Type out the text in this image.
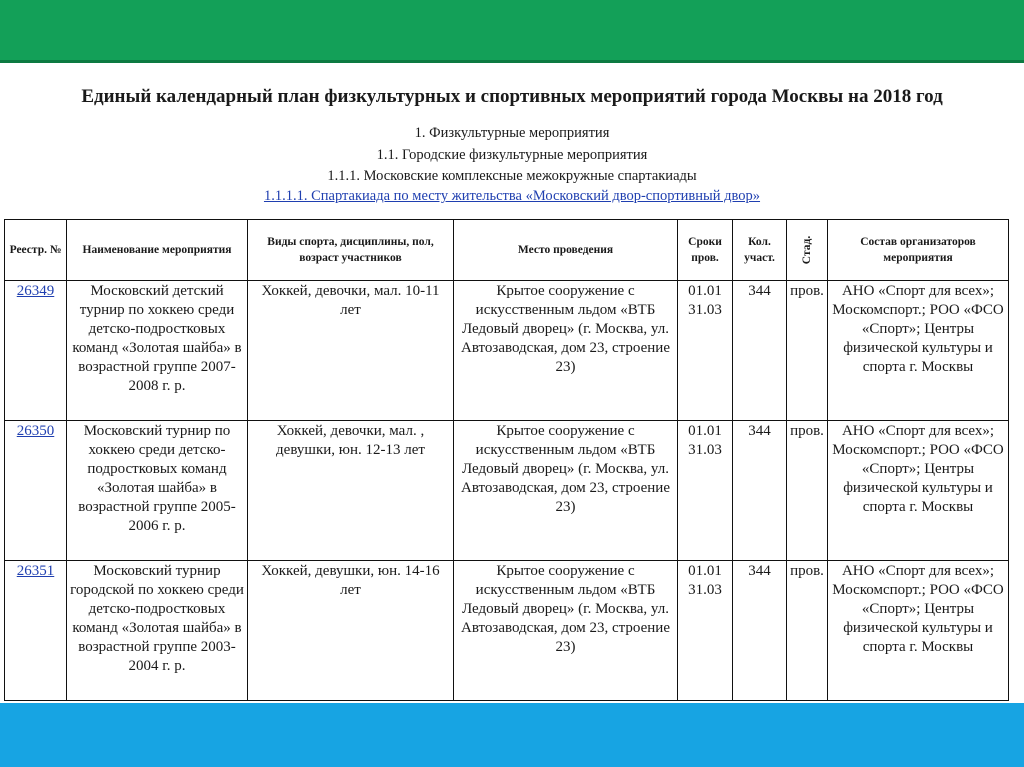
Единый календарный план физкультурных и спортивных мероприятий города Москвы на 2018 год
1. Физкультурные мероприятия
1.1. Городские физкультурные мероприятия
1.1.1. Московские комплексные межокружные спартакиады
1.1.1.1. Спартакиада по месту жительства «Московский двор-спортивный двор»
Реестр. №	Наименование мероприятия	Виды спорта, дисциплины, пол, возраст участников	Место проведения	Сроки пров.	Кол. участ.	Стад.	Состав организаторов мероприятия
26349	Московский детский турнир по хоккею среди детско-подростковых команд «Золотая шайба» в возрастной группе 2007-2008 г. р.	Хоккей, девочки, мал. 10-11 лет	Крытое сооружение с искусственным льдом «ВТБ Ледовый дворец» (г. Москва, ул. Автозаводская, дом 23, строение 23)	01.01
31.03	344	пров.	АНО «Спорт для всех»; Москомспорт.; РОО «ФСО «Спорт»; Центры физической культуры и спорта г. Москвы
26350	Московский турнир по хоккею среди детско-подростковых команд «Золотая шайба» в возрастной группе 2005-2006 г. р.	Хоккей, девочки, мал. , девушки, юн. 12-13 лет	Крытое сооружение с искусственным льдом «ВТБ Ледовый дворец» (г. Москва, ул. Автозаводская, дом 23, строение 23)	01.01
31.03	344	пров.	АНО «Спорт для всех»; Москомспорт.; РОО «ФСО «Спорт»; Центры физической культуры и спорта г. Москвы
26351	Московский турнир городской по хоккею среди детско-подростковых команд «Золотая шайба» в возрастной группе 2003-2004 г. р.	Хоккей, девушки, юн. 14-16 лет	Крытое сооружение с искусственным льдом «ВТБ Ледовый дворец» (г. Москва, ул. Автозаводская, дом 23, строение 23)	01.01
31.03	344	пров.	АНО «Спорт для всех»; Москомспорт.; РОО «ФСО «Спорт»; Центры физической культуры и спорта г. Москвы
